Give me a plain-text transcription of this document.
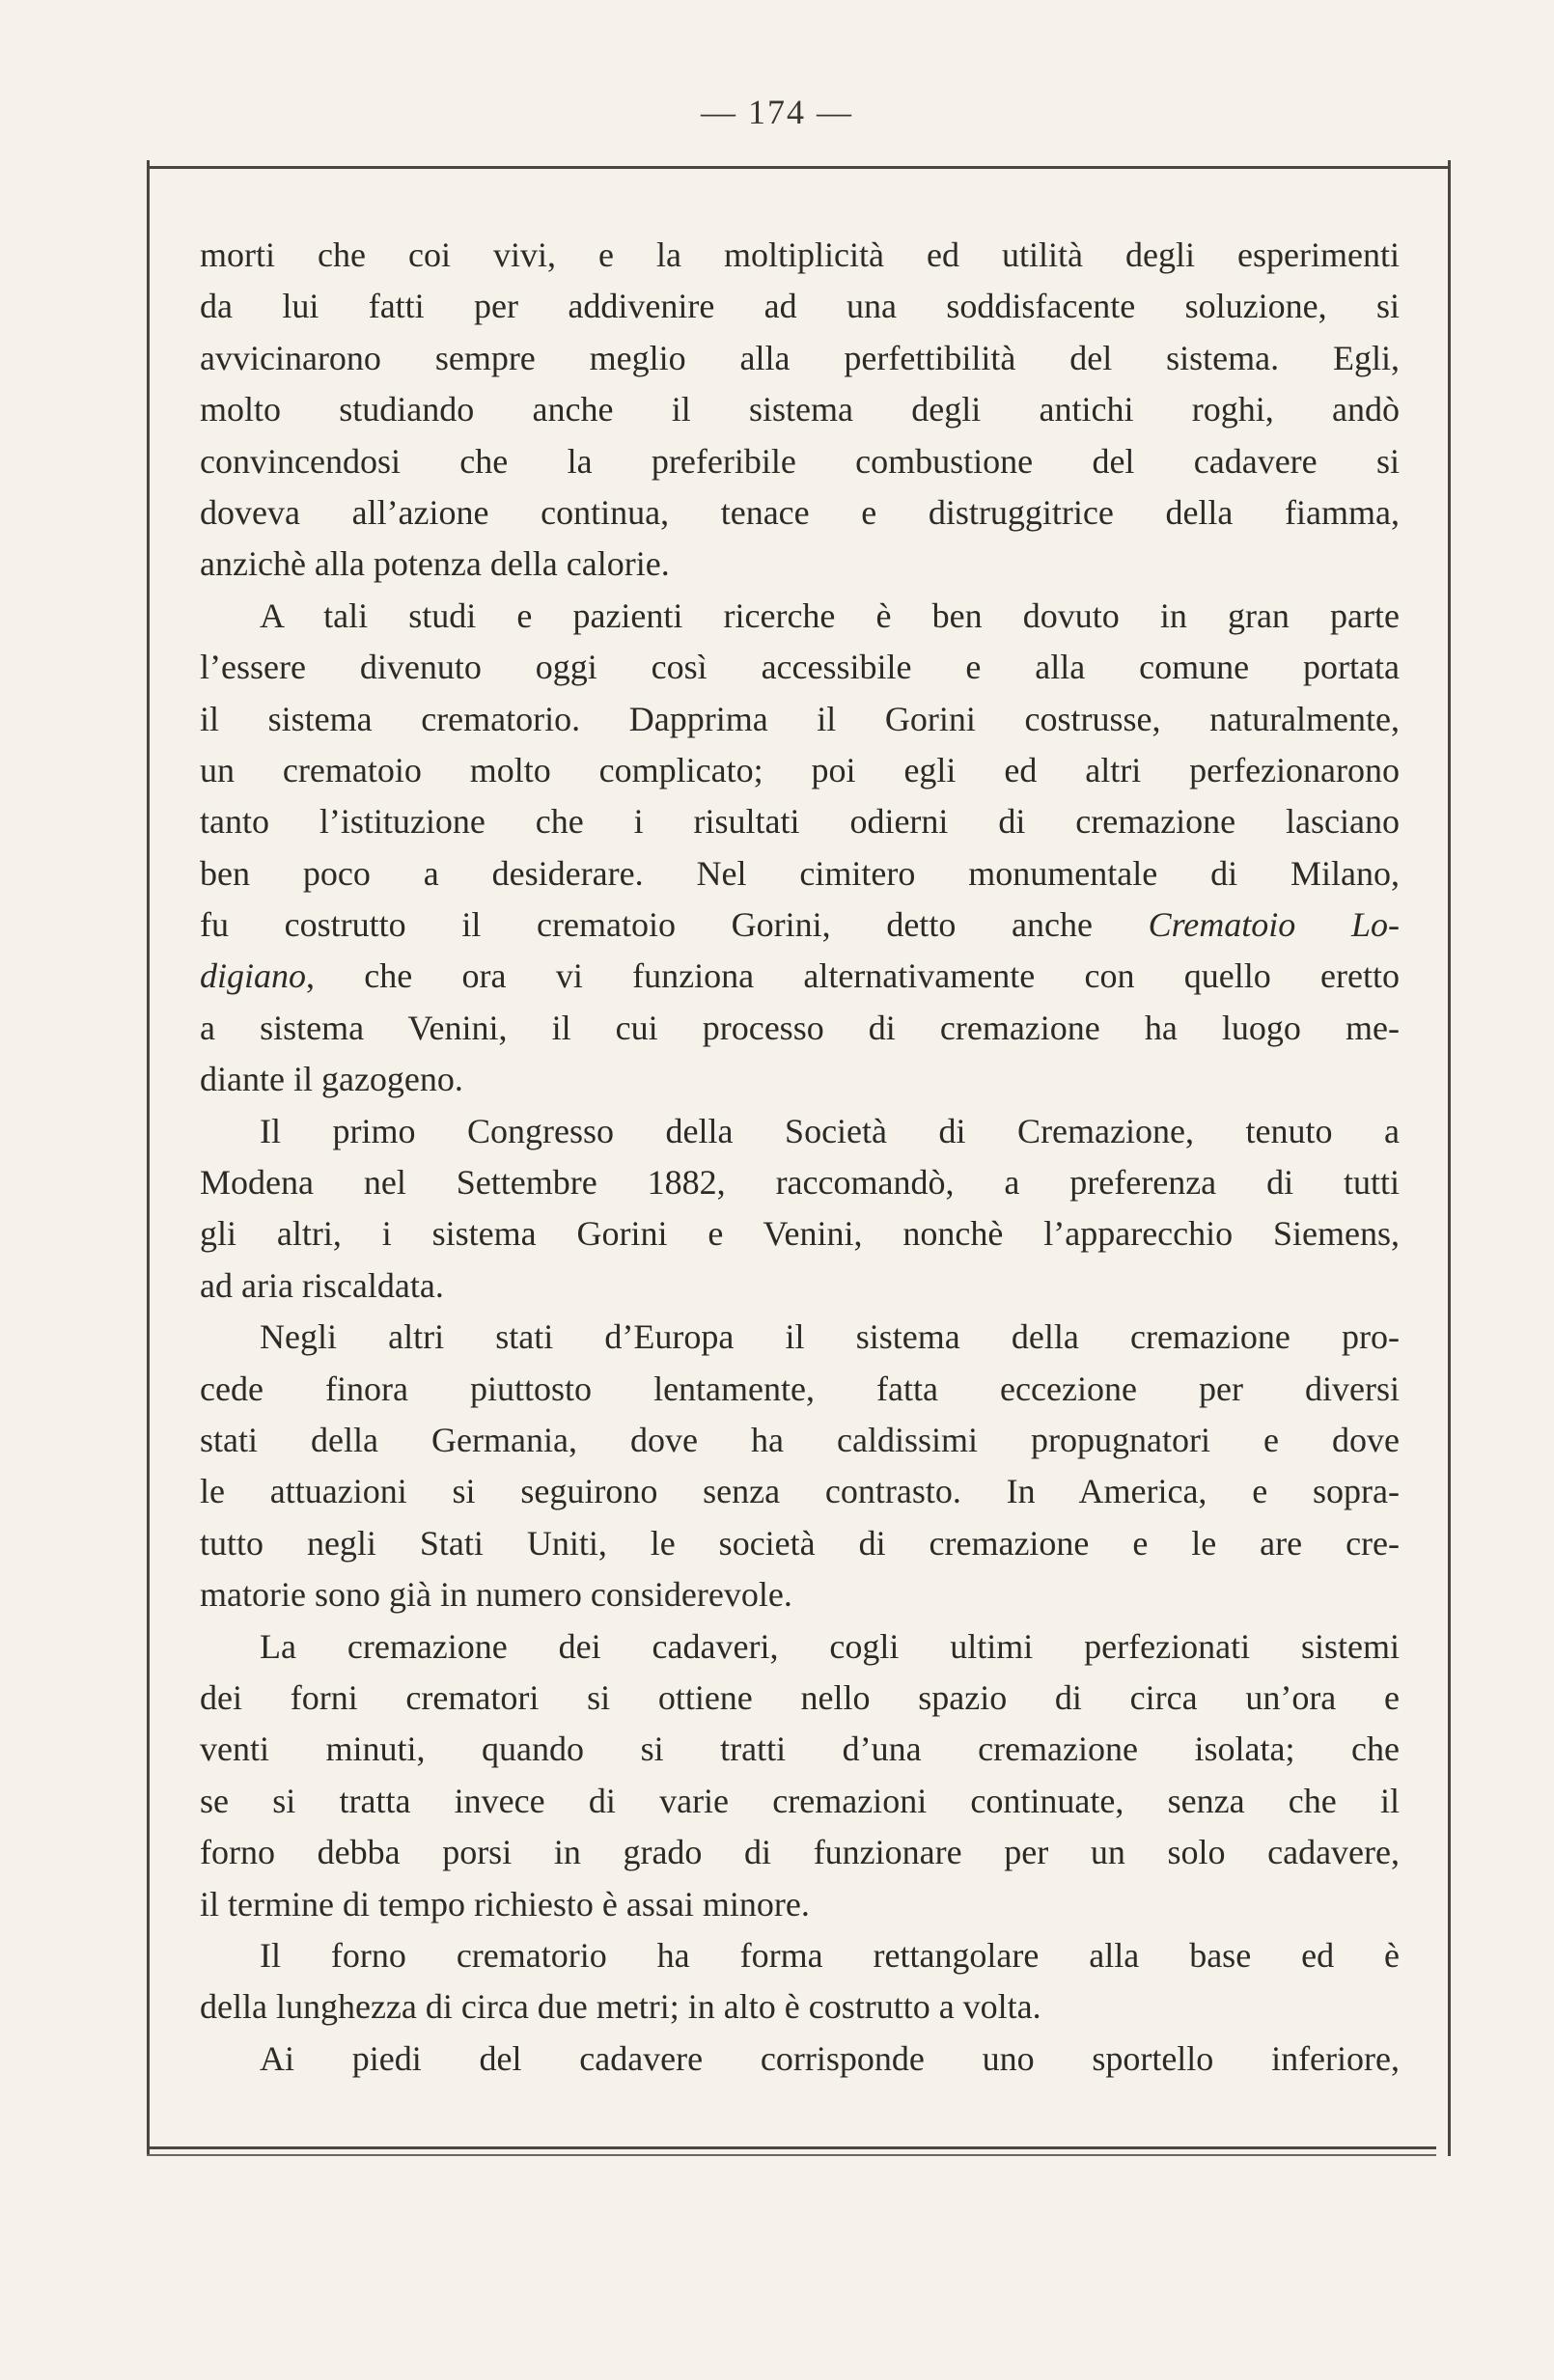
— 174 —
morti che coi vivi, e la moltiplicità ed utilità degli esperimenti
da lui fatti per addivenire ad una soddisfacente soluzione, si
avvicinarono sempre meglio alla perfettibilità del sistema. Egli,
molto studiando anche il sistema degli antichi roghi, andò
convincendosi che la preferibile combustione del cadavere si
doveva all’azione continua, tenace e distruggitrice della fiamma,
anzichè alla potenza della calorie.
A tali studi e pazienti ricerche è ben dovuto in gran parte
l’essere divenuto oggi così accessibile e alla comune portata
il sistema crematorio. Dapprima il Gorini costrusse, naturalmente,
un crematoio molto complicato; poi egli ed altri perfezionarono
tanto l’istituzione che i risultati odierni di cremazione lasciano
ben poco a desiderare. Nel cimitero monumentale di Milano,
fu costrutto il crematoio Gorini, detto anche Crematoio Lo-
digiano, che ora vi funziona alternativamente con quello eretto
a sistema Venini, il cui processo di cremazione ha luogo me-
diante il gazogeno.
Il primo Congresso della Società di Cremazione, tenuto a
Modena nel Settembre 1882, raccomandò, a preferenza di tutti
gli altri, i sistema Gorini e Venini, nonchè l’apparecchio Siemens,
ad aria riscaldata.
Negli altri stati d’Europa il sistema della cremazione pro-
cede finora piuttosto lentamente, fatta eccezione per diversi
stati della Germania, dove ha caldissimi propugnatori e dove
le attuazioni si seguirono senza contrasto. In America, e sopra-
tutto negli Stati Uniti, le società di cremazione e le are cre-
matorie sono già in numero considerevole.
La cremazione dei cadaveri, cogli ultimi perfezionati sistemi
dei forni crematori si ottiene nello spazio di circa un’ora e
venti minuti, quando si tratti d’una cremazione isolata; che
se si tratta invece di varie cremazioni continuate, senza che il
forno debba porsi in grado di funzionare per un solo cadavere,
il termine di tempo richiesto è assai minore.
Il forno crematorio ha forma rettangolare alla base ed è
della lunghezza di circa due metri; in alto è costrutto a volta.
Ai piedi del cadavere corrisponde uno sportello inferiore,
